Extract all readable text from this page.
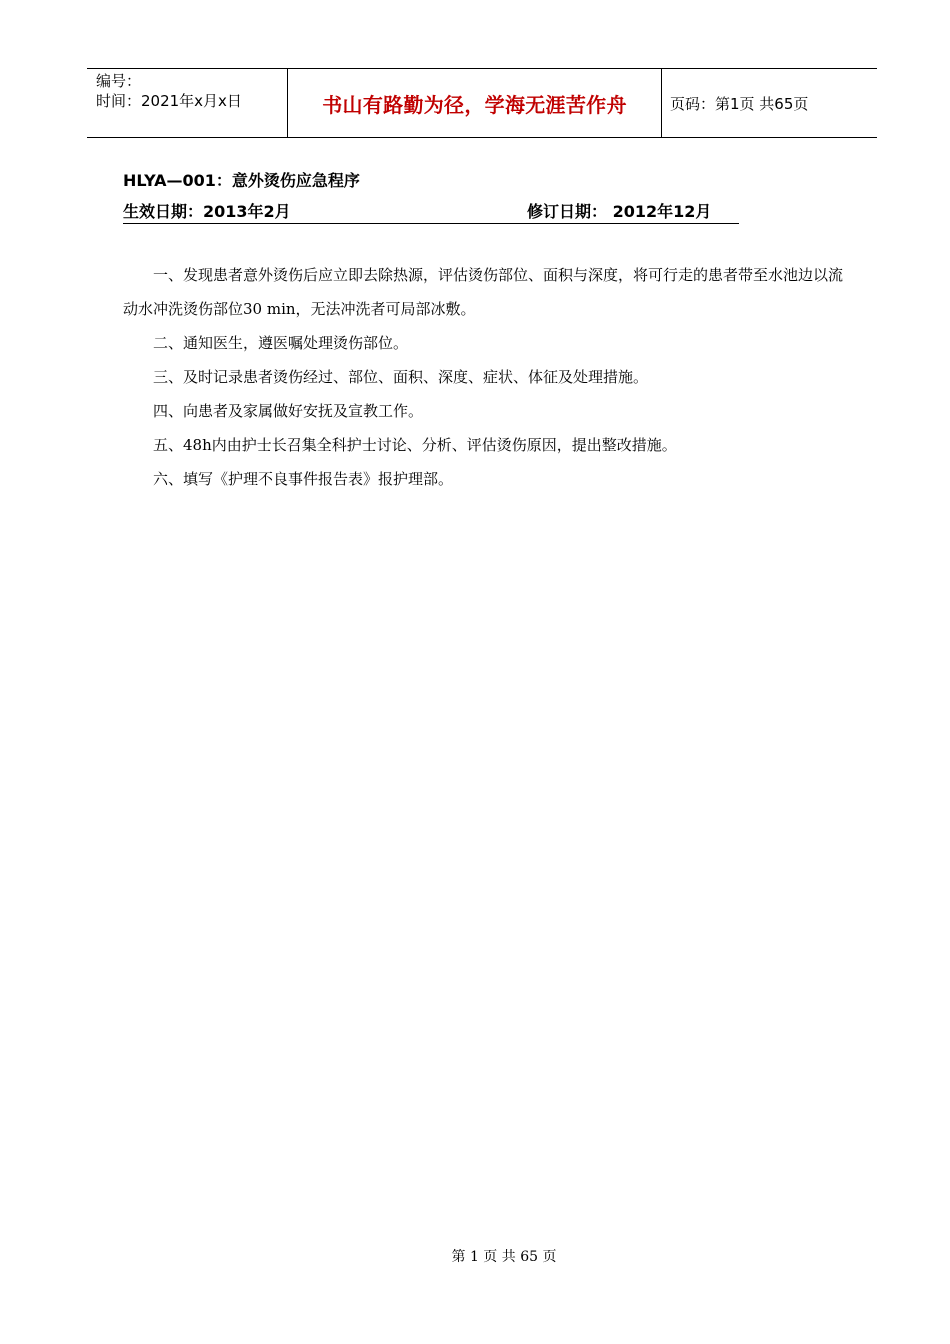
编号：
时间：2021年x月x日	书山有路勤为径，学海无涯苦作舟	页码：第1页 共65页
HLYA—001：意外烫伤应急程序
生效日期：2013年2月	修订日期： 2012年12月

一、发现患者意外烫伤后应立即去除热源，评估烫伤部位、面积与深度，将可行走的患者带至水池边以流动水冲洗烫伤部位30 min，无法冲洗者可局部冰敷。

二、通知医生，遵医嘱处理烫伤部位。

三、及时记录患者烫伤经过、部位、面积、深度、症状、体征及处理措施。

四、向患者及家属做好安抚及宣教工作。

五、48h内由护士长召集全科护士讨论、分析、评估烫伤原因，提出整改措施。

六、填写《护理不良事件报告表》报护理部。

第 1 页 共 65 页
